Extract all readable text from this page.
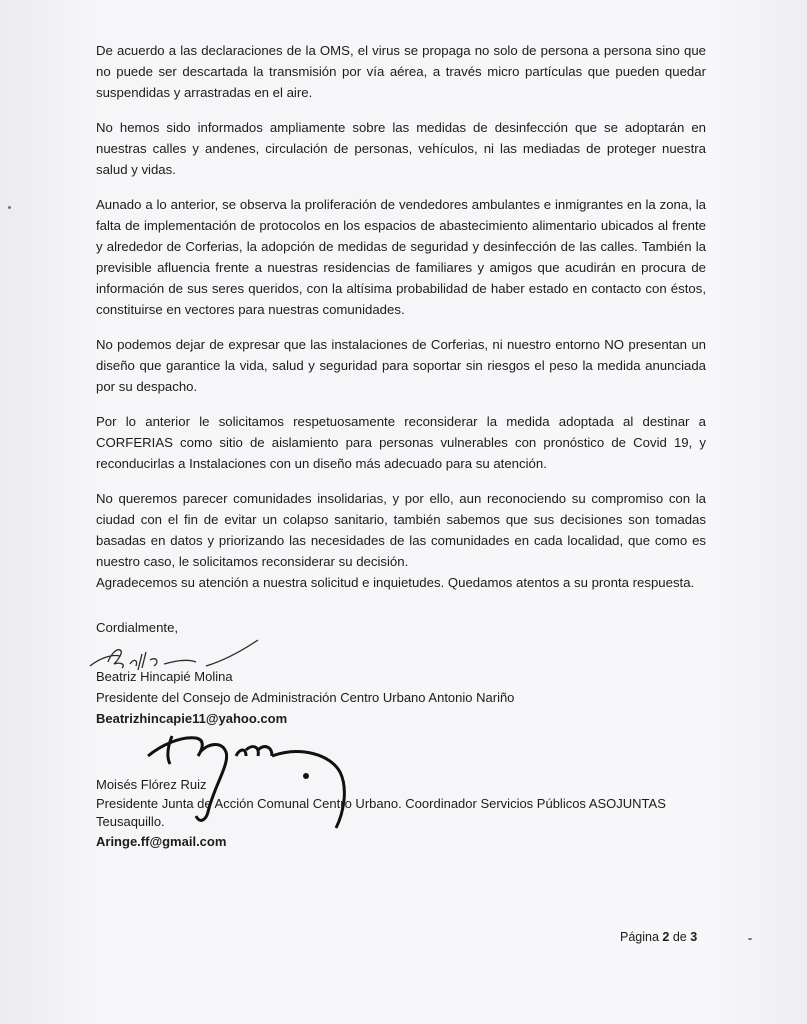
De acuerdo a las declaraciones de la OMS, el virus se propaga no solo de persona a persona sino que no puede ser descartada la transmisión por vía aérea, a través micro partículas que pueden quedar suspendidas y arrastradas en el aire.

No hemos sido informados ampliamente sobre las medidas de desinfección que se adoptarán en nuestras calles y andenes, circulación de personas, vehículos, ni las mediadas de proteger nuestra salud y vidas.

Aunado a lo anterior, se observa la proliferación de vendedores ambulantes e inmigrantes en la zona, la falta de implementación de protocolos en los espacios de abastecimiento alimentario ubicados al frente y alrededor de Corferias, la adopción de medidas de seguridad y desinfección de las calles. También la previsible afluencia frente a nuestras residencias de familiares y amigos que acudirán en procura de información de sus seres queridos, con la altísima probabilidad de haber estado en contacto con éstos, constituirse en vectores para nuestras comunidades.

No podemos dejar de expresar que las instalaciones de Corferias, ni nuestro entorno NO presentan un diseño que garantice la vida, salud y seguridad para soportar sin riesgos el peso la medida anunciada por su despacho.

Por lo anterior le solicitamos respetuosamente reconsiderar la medida adoptada al destinar a CORFERIAS como sitio de aislamiento para personas vulnerables con pronóstico de Covid 19, y reconducirlas a Instalaciones con un diseño más adecuado para su atención.

No queremos parecer comunidades insolidarias, y por ello, aun reconociendo su compromiso con la ciudad con el fin de evitar un colapso sanitario, también sabemos que sus decisiones son tomadas basadas en datos y priorizando las necesidades de las comunidades en cada localidad, que como es nuestro caso, le solicitamos reconsiderar su decisión.

Agradecemos su atención a nuestra solicitud e inquietudes. Quedamos atentos a su pronta respuesta.

Cordialmente,
Beatriz Hincapié Molina
Presidente del Consejo de Administración Centro Urbano Antonio Nariño
Beatrizhincapie11@yahoo.com
Moisés Flórez Ruiz
Presidente Junta de Acción Comunal Centro Urbano. Coordinador Servicios Públicos ASOJUNTAS
Teusaquillo.
Aringe.ff@gmail.com
Página 2 de 3
